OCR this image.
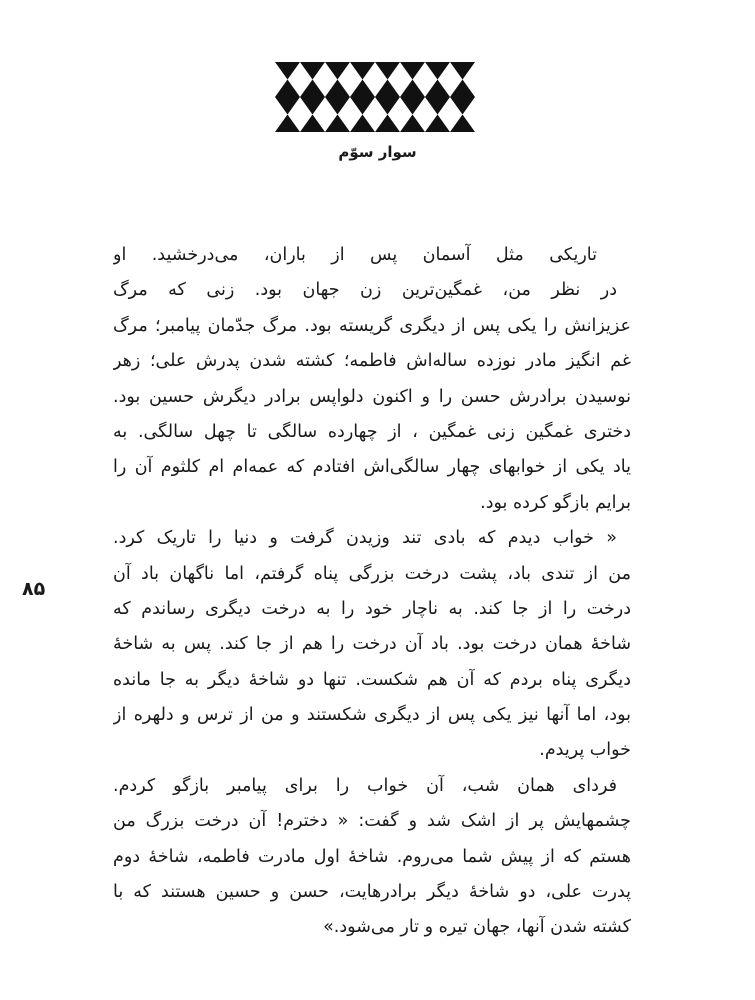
سوار سوّم
۸۵
تاریکی مثل آسمان پس از باران، می‌درخشید. او
در نظر من، غمگین‌ترین زن جهان بود. زنی که مرگ
عزیزانش را یکی پس از دیگری گریسته بود. مرگ جدّمان پیامبر؛ مرگ
غم انگیز مادر نوزده ساله‌اش فاطمه؛ کشته شدن پدرش علی؛ زهر
نوسیدن برادرش حسن را و اکنون دلواپس برادر دیگرش حسین بود.
دختری غمگین زنی غمگین ، از چهارده سالگی تا چهل سالگی. به
یاد یکی از خوابهای چهار سالگی‌اش افتادم که عمه‌ام ام کلثوم آن را
برایم بازگو کرده بود.
« خواب دیدم که بادی تند وزیدن گرفت و دنیا را تاریک کرد.
من از تندی باد، پشت درخت بزرگی پناه گرفتم، اما ناگهان باد آن
درخت را از جا کند. به ناچار خود را به درخت دیگری رساندم که
شاخهٔ همان درخت بود. باد آن درخت را هم از جا کند. پس به شاخهٔ
دیگری پناه بردم که آن هم شکست. تنها دو شاخهٔ دیگر به جا مانده
بود، اما آنها نیز یکی پس از دیگری شکستند و من از ترس و دلهره از
خواب پریدم.
فردای همان شب، آن خواب را برای پیامبر بازگو کردم.
چشمهایش پر از اشک شد و گفت: « دخترم! آن درخت بزرگ من
هستم که از پیش شما می‌روم. شاخهٔ اول مادرت فاطمه، شاخهٔ دوم
پدرت علی، دو شاخهٔ دیگر برادرهایت، حسن و حسین هستند که با
کشته شدن آنها، جهان تیره و تار می‌شود.»
